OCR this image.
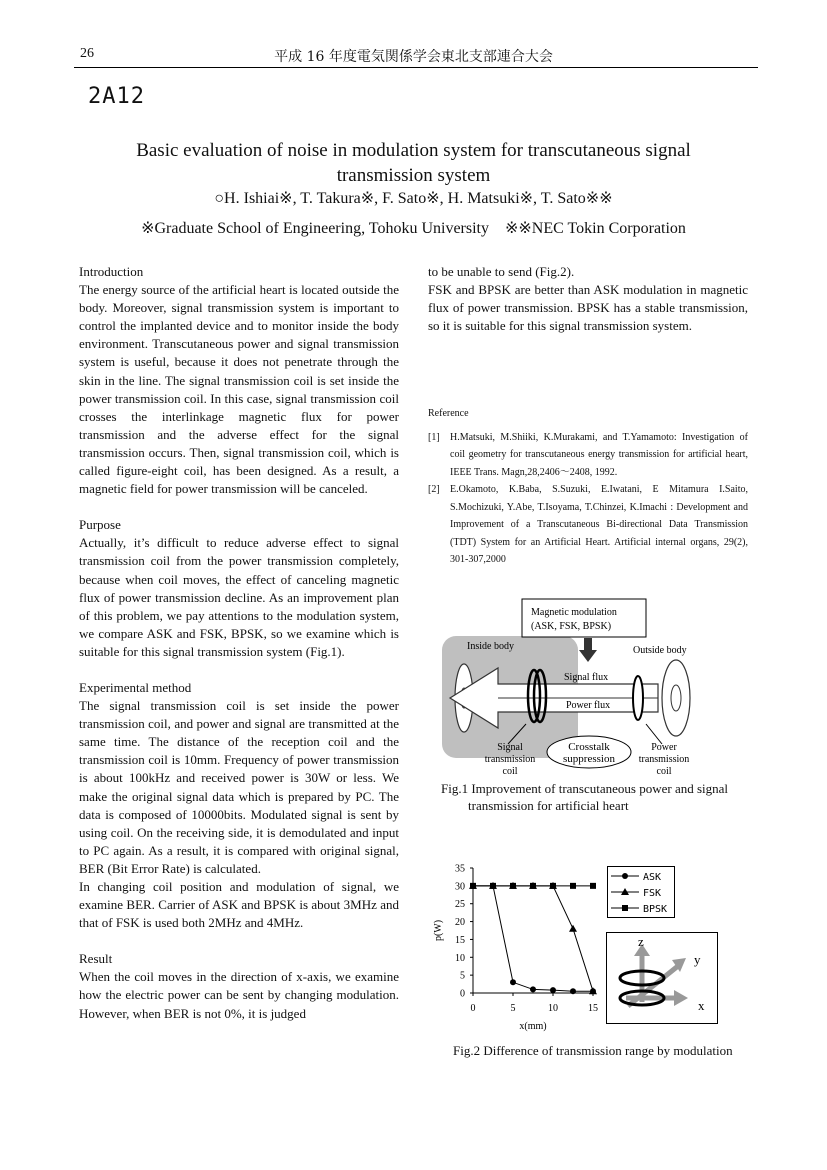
26	平成 16 年度電気関係学会東北支部連合大会
2A12
Basic evaluation of noise in modulation system for transcutaneous signal transmission system
○H. Ishiai※, T. Takura※, F. Sato※, H. Matsuki※, T. Sato※※
※Graduate School of Engineering, Tohoku University　※※NEC Tokin Corporation

Introduction

The energy source of the artificial heart is located outside the body. Moreover, signal transmission system is important to control the implanted device and to monitor inside the body environment. Transcutaneous power and signal transmission system is useful, because it does not penetrate through the skin in the line. The signal transmission coil is set inside the power transmission coil. In this case, signal transmission coil crosses the interlinkage magnetic flux for power transmission and the adverse effect for the signal transmission occurs. Then, signal transmission coil, which is called figure-eight coil, has been designed. As a result, a magnetic field for power transmission will be canceled.

Purpose

Actually, it’s difficult to reduce adverse effect to signal transmission coil from the power transmission completely, because when coil moves, the effect of canceling magnetic flux of power transmission decline. As an improvement plan of this problem, we pay attentions to the modulation system, we compare ASK and FSK, BPSK, so we examine which is suitable for this signal transmission system (Fig.1).

Experimental method

The signal transmission coil is set inside the power transmission coil, and power and signal are transmitted at the same time. The distance of the reception coil and the transmission coil is 10mm. Frequency of power transmission is about 100kHz and received power is 30W or less. We make the original signal data which is prepared by PC. The data is composed of 10000bits. Modulated signal is sent by using coil. On the receiving side, it is demodulated and input to PC again. As a result, it is compared with original signal, BER (Bit Error Rate) is calculated.

In changing coil position and modulation of signal, we examine BER. Carrier of ASK and BPSK is about 3MHz and that of FSK is used both 2MHz and 4MHz.

Result

When the coil moves in the direction of x-axis, we examine how the electric power can be sent by changing modulation. However, when BER is not 0%, it is judged

to be unable to send (Fig.2).

FSK and BPSK are better than ASK modulation in magnetic flux of power transmission. BPSK has a stable transmission, so it is suitable for this signal transmission system.

Reference
[1] H.Matsuki, M.Shiiki, K.Murakami, and T.Yamamoto: Investigation of coil geometry for transcutaneous energy transmission for artificial heart, IEEE Trans. Magn,28,2406〜2408, 1992.
[2] E.Okamoto, K.Baba, S.Suzuki, E.Iwatani, E Mitamura I.Saito, S.Mochizuki, Y.Abe, T.Isoyama, T.Chinzei, K.Imachi : Development and Improvement of a Transcutaneous Bi-directional Data Transmission (TDT) System for an Artificial Heart. Artificial internal organs, 29(2), 301-307,2000
Magnetic modulation
(ASK, FSK, BPSK)
Inside body	Outside body
Signal flux
Power flux
Crosstalk
suppression
Signal
transmission
coil
Power
transmission
coil
Fig.1 Improvement of transcutaneous power and signal
transmission for artificial heart
0
5
10
15
20
25
30
35
0	5	10	15
x(mm)
p(W)
ASK
FSK
BPSK
z
y
x
Fig.2 Difference of transmission range by modulation
